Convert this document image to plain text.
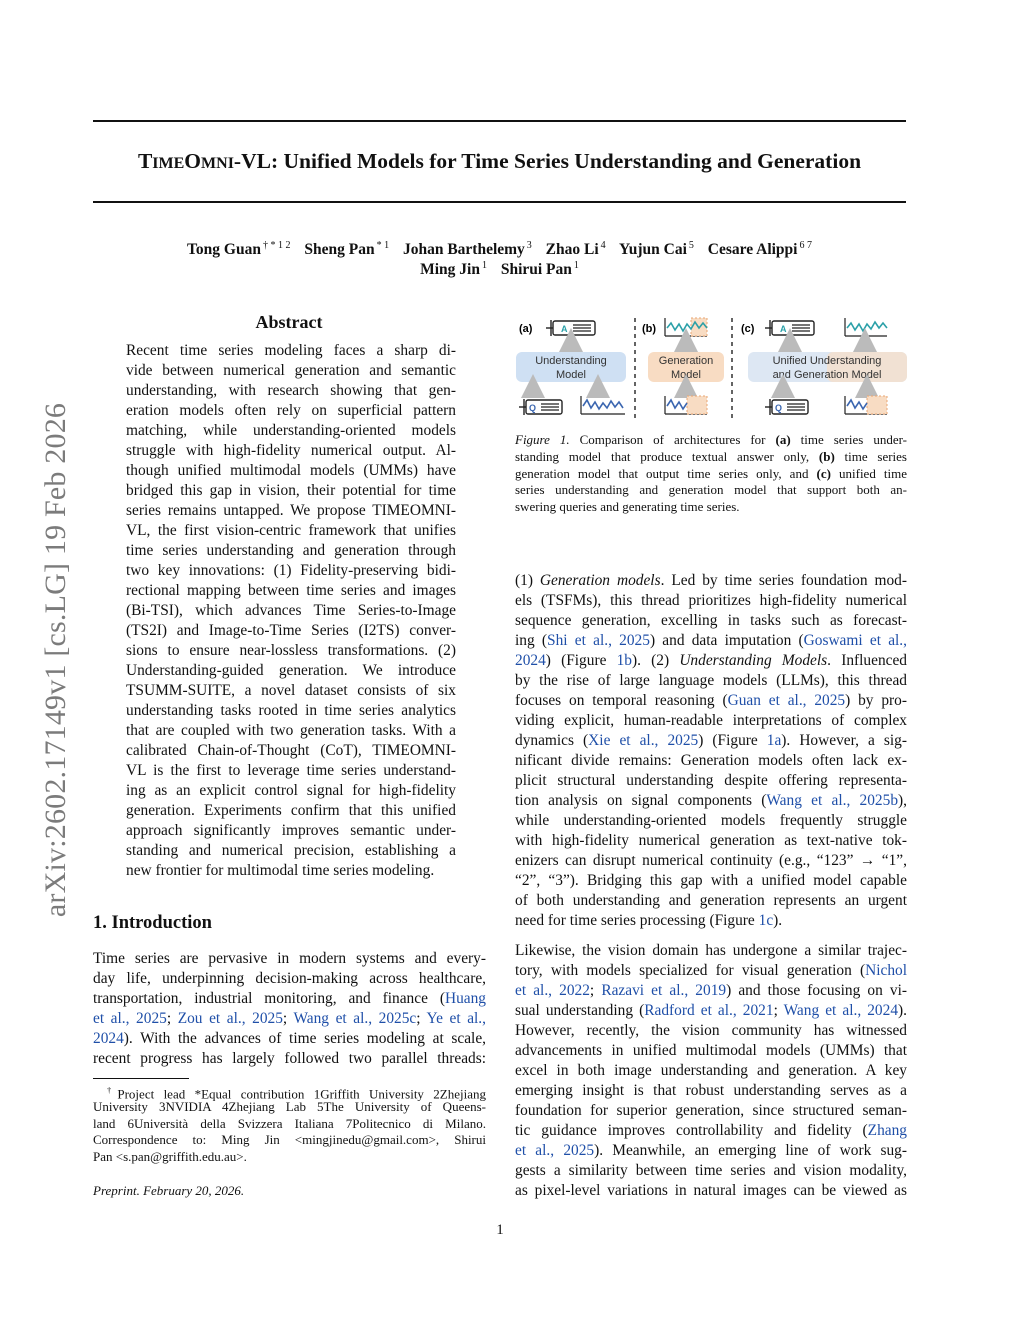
arXiv:2602.17149v1 [cs.LG] 19 Feb 2026
TIMEOMNI-VL: Unified Models for Time Series Understanding and Generation
Tong Guan $^{\dagger * 1 2}$ Sheng Pan $^{* 1}$ Johan Barthelemy $^3$ Zhao Li $^4$ Yujun Cai $^5$ Cesare Alippi $^{6 7}$
Ming Jin $^1$ Shirui Pan $^1$
Abstract
Recent time series modeling faces a sharp di-
vide between numerical generation and semantic
understanding, with research showing that gen-
eration models often rely on superficial pattern
matching, while understanding-oriented models
struggle with high-fidelity numerical output. Al-
though unified multimodal models (UMMs) have
bridged this gap in vision, their potential for time
series remains untapped. We propose TIMEOMNI-
VL, the first vision-centric framework that unifies
time series understanding and generation through
two key innovations: (1) Fidelity-preserving bidi-
rectional mapping between time series and images
(Bi-TSI), which advances Time Series-to-Image
(TS2I) and Image-to-Time Series (I2TS) conver-
sions to ensure near-lossless transformations. (2)
Understanding-guided generation. We introduce
TSUMM-SUITE, a novel dataset consists of six
understanding tasks rooted in time series analytics
that are coupled with two generation tasks. With a
calibrated Chain-of-Thought (CoT), TIMEOMNI-
VL is the first to leverage time series understand-
ing as an explicit control signal for high-fidelity
generation. Experiments confirm that this unified
approach significantly improves semantic under-
standing and numerical precision, establishing a
new frontier for multimodal time series modeling.
1. Introduction
Time series are pervasive in modern systems and every-
day life, underpinning decision-making across healthcare,
transportation, industrial monitoring, and finance (Huang
et al., 2025; Zou et al., 2025; Wang et al., 2025c; Ye et al.,
2024). With the advances of time series modeling at scale,
recent progress has largely followed two parallel threads:
†Project lead *Equal contribution 1Griffith University 2Zhejiang
University 3NVIDIA 4Zhejiang Lab 5The University of Queens-
land 6Università della Svizzera Italiana 7Politecnico di Milano.
Correspondence to: Ming Jin <mingjinedu@gmail.com>, Shirui
Pan <s.pan@griffith.edu.au>.
Preprint. February 20, 2026.
(a)	(b)	(c)
A
Understanding
Model
Q
Generation
Model
A
Unified Understanding
and Generation Model
Q
Figure 1. Comparison of architectures for (a) time series under-
standing model that produce textual answer only, (b) time series
generation model that output time series only, and (c) unified time
series understanding and generation model that support both an-
swering queries and generating time series.
(1) Generation models. Led by time series foundation mod-
els (TSFMs), this thread prioritizes high-fidelity numerical
sequence generation, excelling in tasks such as forecast-
ing (Shi et al., 2025) and data imputation (Goswami et al.,
2024) (Figure 1b). (2) Understanding Models. Influenced
by the rise of large language models (LLMs), this thread
focuses on temporal reasoning (Guan et al., 2025) by pro-
viding explicit, human-readable interpretations of complex
dynamics (Xie et al., 2025) (Figure 1a). However, a sig-
nificant divide remains: Generation models often lack ex-
plicit structural understanding despite offering representa-
tion analysis on signal components (Wang et al., 2025b),
while understanding-oriented models frequently struggle
with high-fidelity numerical generation as text-native tok-
enizers can disrupt numerical continuity (e.g., “123” → “1”,
“2”, “3”). Bridging this gap with a unified model capable
of both understanding and generation represents an urgent
need for time series processing (Figure 1c).
Likewise, the vision domain has undergone a similar trajec-
tory, with models specialized for visual generation (Nichol
et al., 2022; Razavi et al., 2019) and those focusing on vi-
sual understanding (Radford et al., 2021; Wang et al., 2024).
However, recently, the vision community has witnessed
advancements in unified multimodal models (UMMs) that
excel in both image understanding and generation. A key
emerging insight is that robust understanding serves as a
foundation for superior generation, since structured seman-
tic guidance improves controllability and fidelity (Zhang
et al., 2025). Meanwhile, an emerging line of work sug-
gests a similarity between time series and vision modality,
as pixel-level variations in natural images can be viewed as
1
